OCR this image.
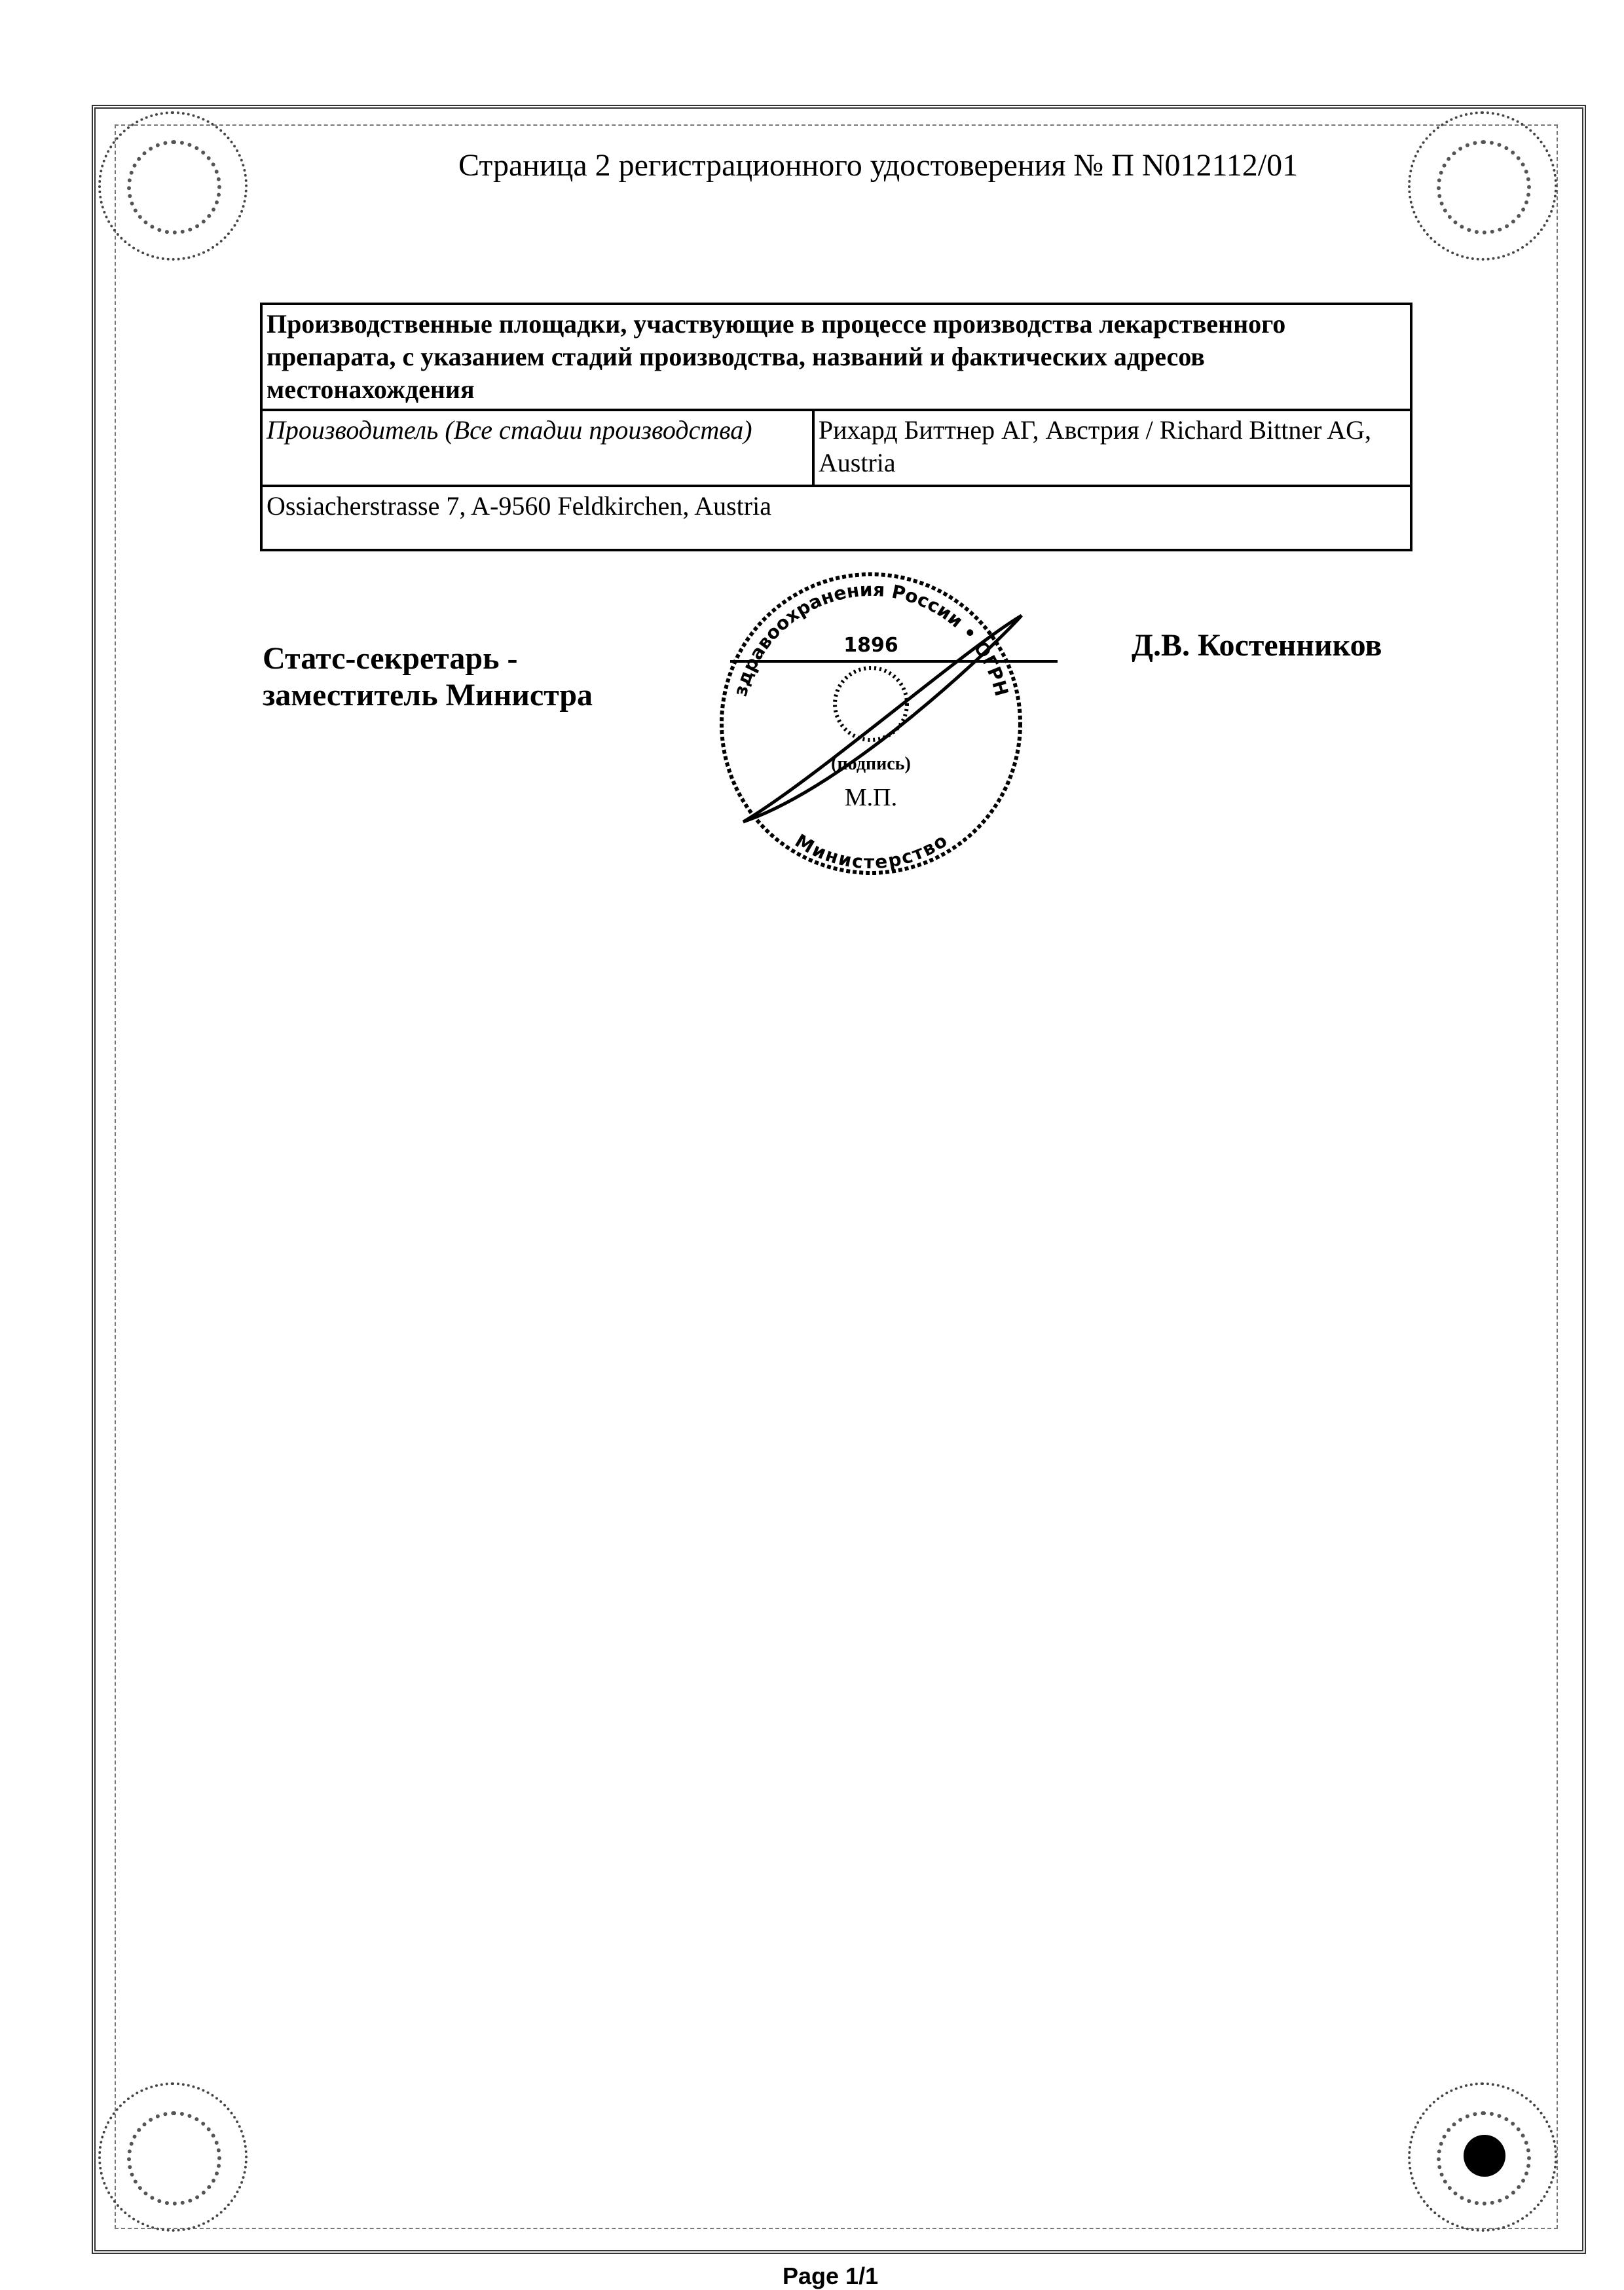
Страница 2 регистрационного удостоверения № П N012112/01
Производственные площадки, участвующие в процессе производства лекарственного препарата, с указанием стадий производства, названий и фактических адресов местонахождения
Производитель (Все стадии производства)	Рихард Биттнер АГ, Австрия / Richard Bittner AG, Austria
Ossiacherstrasse 7, A-9560 Feldkirchen, Austria
Статс-секретарь - заместитель Министра
Д.В. Костенников
здравоохранения России • ОГРН
Министерство
1896
(подпись)
М.П.
Page 1/1
